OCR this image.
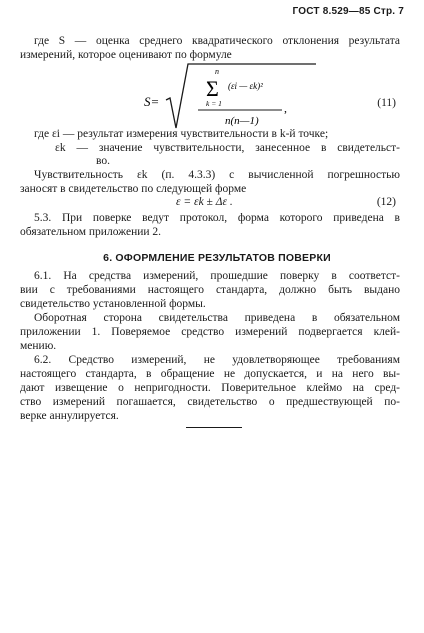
ГОСТ 8.529—85 Стр. 7
где S — оценка среднего квадратического отклонения результата
измерений, которое оценивают по формуле
S=
n
Σ
k = 1
(εi — εk)²
n(n—1)
,	(11)
где εi — результат измерения чувствительности в k-й точке;
εk — значение чувствительности, занесенное в свидетельст-
во.
Чувствительность εk (п. 4.3.3) с вычисленной погрешностью
заносят в свидетельство по следующей форме
ε = εk ± Δε .	(12)
5.3. При поверке ведут протокол, форма которого приведена в
обязательном приложении 2.
6. ОФОРМЛЕНИЕ РЕЗУЛЬТАТОВ ПОВЕРКИ
6.1. На средства измерений, прошедшие поверку в соответст-
вии с требованиями настоящего стандарта, должно быть выдано
свидетельство установленной формы.
Оборотная сторона свидетельства приведена в обязательном
приложении 1. Поверяемое средство измерений подвергается клей-
мению.
6.2. Средство измерений, не удовлетворяющее требованиям
настоящего стандарта, в обращение не допускается, и на него вы-
дают извещение о непригодности. Поверительное клеймо на сред-
ство измерений погашается, свидетельство о предшествующей по-
верке аннулируется.
